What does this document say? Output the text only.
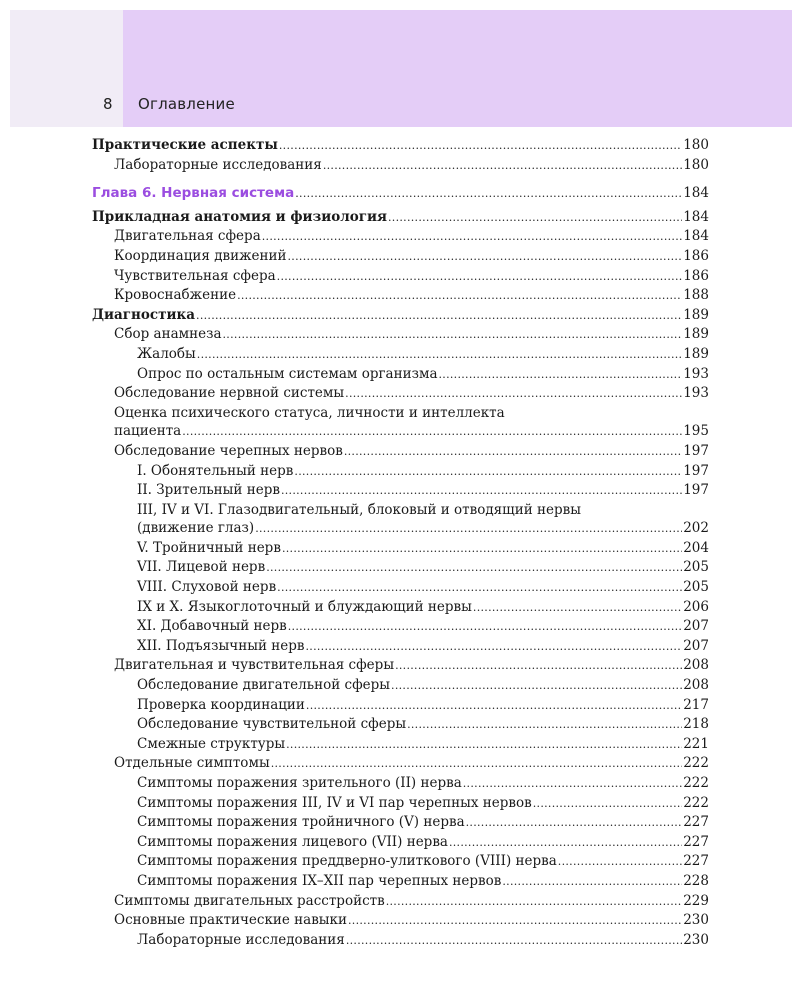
8 Оглавление
Практические аспекты . . .	180
Лабораторные исследования . . .	180
Глава 6. Нервная система . . .	184
Прикладная анатомия и физиология . . .	184
Двигательная сфера . . .	184
Координация движений . . .	186
Чувствительная сфера . . .	186
Кровоснабжение . . .	188
Диагностика . . .	189
Сбор анамнеза . . .	189
Жалобы . . .	189
Опрос по остальным системам организма . . .	193
Обследование нервной системы . . .	193
Оценка психического статуса, личности и интеллекта
пациента . . .	195
Обследование черепных нервов . . .	197
I. Обонятельный нерв . . .	197
II. Зрительный нерв . . .	197
III, IV и VI. Глазодвигательный, блоковый и отводящий нервы
(движение глаз) . . .	202
V. Тройничный нерв . . .	204
VII. Лицевой нерв . . .	205
VIII. Слуховой нерв . . .	205
IX и X. Языкоглоточный и блуждающий нервы . . .	206
XI. Добавочный нерв . . .	207
XII. Подъязычный нерв . . .	207
Двигательная и чувствительная сферы . . .	208
Обследование двигательной сферы . . .	208
Проверка координации . . .	217
Обследование чувствительной сферы . . .	218
Смежные структуры . . .	221
Отдельные симптомы . . .	222
Симптомы поражения зрительного (II) нерва . . .	222
Симптомы поражения III, IV и VI пар черепных нервов . . .	222
Симптомы поражения тройничного (V) нерва . . .	227
Симптомы поражения лицевого (VII) нерва . . .	227
Симптомы поражения преддверно-улиткового (VIII) нерва . . .	227
Симптомы поражения IX–XII пар черепных нервов . . .	228
Симптомы двигательных расстройств . . .	229
Основные практические навыки . . .	230
Лабораторные исследования . . .	230
